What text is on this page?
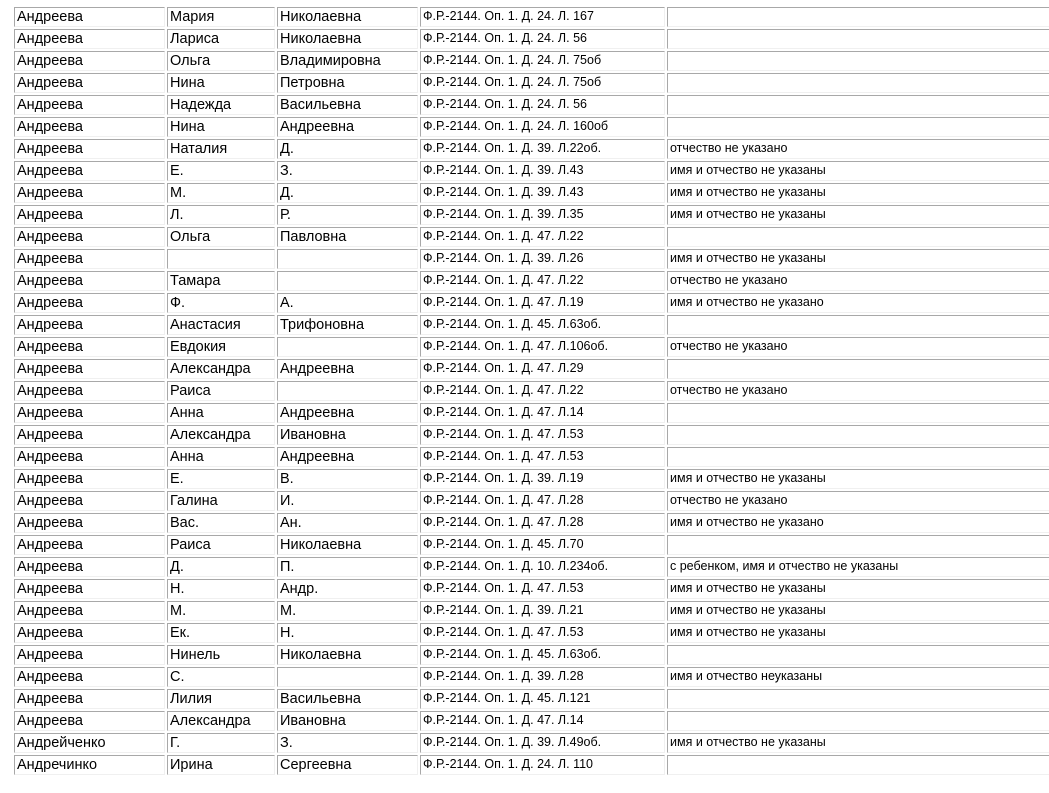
Андреева	Мария	Николаевна	Ф.Р.-2144. Оп. 1. Д. 24. Л. 167	
Андреева	Лариса	Николаевна	Ф.Р.-2144. Оп. 1. Д. 24. Л. 56	
Андреева	Ольга	Владимировна	Ф.Р.-2144. Оп. 1. Д. 24. Л. 75об	
Андреева	Нина	Петровна	Ф.Р.-2144. Оп. 1. Д. 24. Л. 75об	
Андреева	Надежда	Васильевна	Ф.Р.-2144. Оп. 1. Д. 24. Л. 56	
Андреева	Нина	Андреевна	Ф.Р.-2144. Оп. 1. Д. 24. Л. 160об	
Андреева	Наталия	Д.	Ф.Р.-2144. Оп. 1. Д. 39. Л.22об.	отчество не указано
Андреева	Е.	З.	Ф.Р.-2144. Оп. 1. Д. 39. Л.43	имя и отчество не указаны
Андреева	М.	Д.	Ф.Р.-2144. Оп. 1. Д. 39. Л.43	имя и отчество не указаны
Андреева	Л.	Р.	Ф.Р.-2144. Оп. 1. Д. 39. Л.35	имя и отчество не указаны
Андреева	Ольга	Павловна	Ф.Р.-2144. Оп. 1. Д. 47. Л.22	
Андреева			Ф.Р.-2144. Оп. 1. Д. 39. Л.26	имя и отчество не указаны
Андреева	Тамара		Ф.Р.-2144. Оп. 1. Д. 47. Л.22	отчество не указано
Андреева	Ф.	А.	Ф.Р.-2144. Оп. 1. Д. 47. Л.19	имя и отчество не указано
Андреева	Анастасия	Трифоновна	Ф.Р.-2144. Оп. 1. Д. 45. Л.63об.	
Андреева	Евдокия		Ф.Р.-2144. Оп. 1. Д. 47. Л.106об.	отчество не указано
Андреева	Александра	Андреевна	Ф.Р.-2144. Оп. 1. Д. 47. Л.29	
Андреева	Раиса		Ф.Р.-2144. Оп. 1. Д. 47. Л.22	отчество не указано
Андреева	Анна	Андреевна	Ф.Р.-2144. Оп. 1. Д. 47. Л.14	
Андреева	Александра	Ивановна	Ф.Р.-2144. Оп. 1. Д. 47. Л.53	
Андреева	Анна	Андреевна	Ф.Р.-2144. Оп. 1. Д. 47. Л.53	
Андреева	Е.	В.	Ф.Р.-2144. Оп. 1. Д. 39. Л.19	имя и отчество не указаны
Андреева	Галина	И.	Ф.Р.-2144. Оп. 1. Д. 47. Л.28	отчество не указано
Андреева	Вас.	Ан.	Ф.Р.-2144. Оп. 1. Д. 47. Л.28	имя и отчество не указано
Андреева	Раиса	Николаевна	Ф.Р.-2144. Оп. 1. Д. 45. Л.70	
Андреева	Д.	П.	Ф.Р.-2144. Оп. 1. Д. 10. Л.234об.	с ребенком, имя и отчество не указаны
Андреева	Н.	Андр.	Ф.Р.-2144. Оп. 1. Д. 47. Л.53	имя и отчество не указаны
Андреева	М.	М.	Ф.Р.-2144. Оп. 1. Д. 39. Л.21	имя и отчество не указаны
Андреева	Ек.	Н.	Ф.Р.-2144. Оп. 1. Д. 47. Л.53	имя и отчество не указаны
Андреева	Нинель	Николаевна	Ф.Р.-2144. Оп. 1. Д. 45. Л.63об.	
Андреева	С.		Ф.Р.-2144. Оп. 1. Д. 39. Л.28	имя и отчество неуказаны
Андреева	Лилия	Васильевна	Ф.Р.-2144. Оп. 1. Д. 45. Л.121	
Андреева	Александра	Ивановна	Ф.Р.-2144. Оп. 1. Д. 47. Л.14	
Андрейченко	Г.	З.	Ф.Р.-2144. Оп. 1. Д. 39. Л.49об.	имя и отчество не указаны
Андречинко	Ирина	Сергеевна	Ф.Р.-2144. Оп. 1. Д. 24. Л. 110	
